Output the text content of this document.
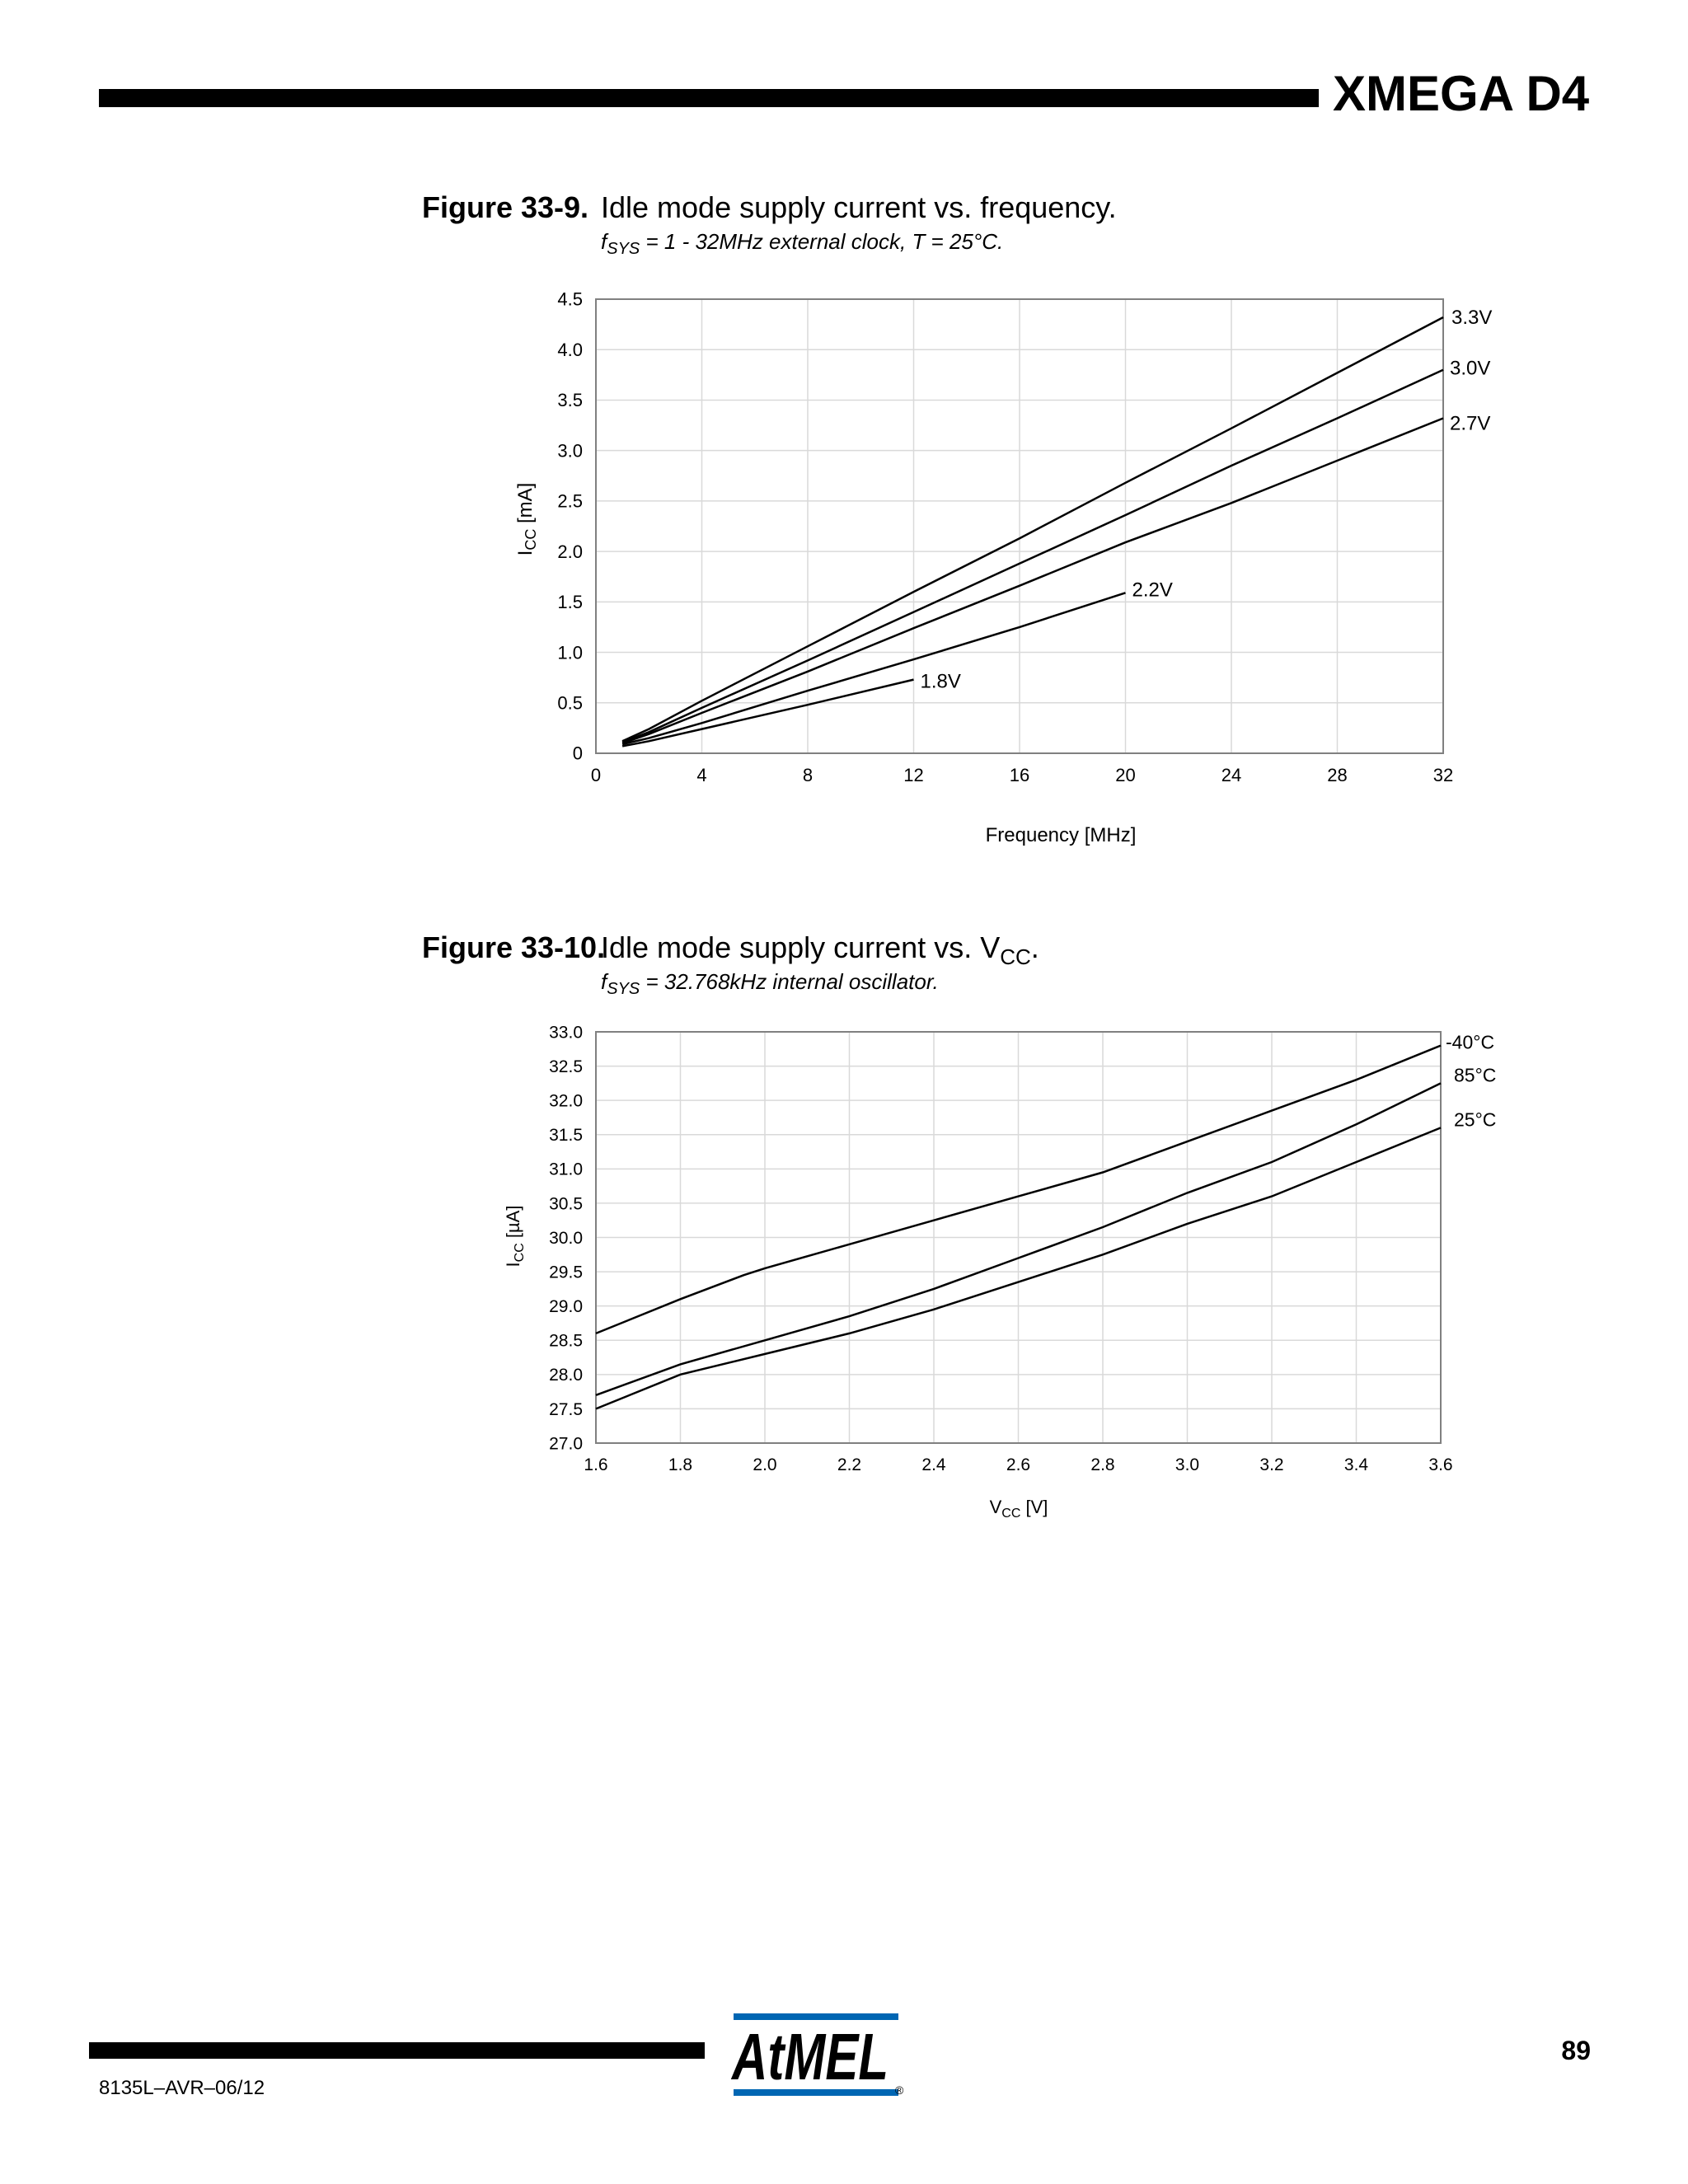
XMEGA D4
Figure 33-9. Idle mode supply current vs. frequency.
$f_{SYS} = 1 - 32MHz$ external clock, T = 25°C.
$I_{CC}$ [mA]
Frequency [MHz]
0	4	8	12	16	20	24	28	32
0
0.5
1.0
1.5
2.0
2.5
3.0
3.5
4.0
4.5
3.3V
3.0V
2.7V
2.2V
1.8V
Figure 33-10.Idle mode supply current vs. $V_{CC}$.
$f_{SYS} = 32.768kHz$ internal oscillator.
$I_{CC}$ [µA]
$V_{CC}$ [V]
1.6	1.8	2.0	2.2	2.4	2.6	2.8	3.0	3.2	3.4	3.6
27.0
27.5
28.0
28.5
29.0
29.5
30.0
30.5
31.0
31.5
32.0
32.5
33.0	-40°C
85°C
25°C
8135L–AVR–06/12
89
AtMEL ®
